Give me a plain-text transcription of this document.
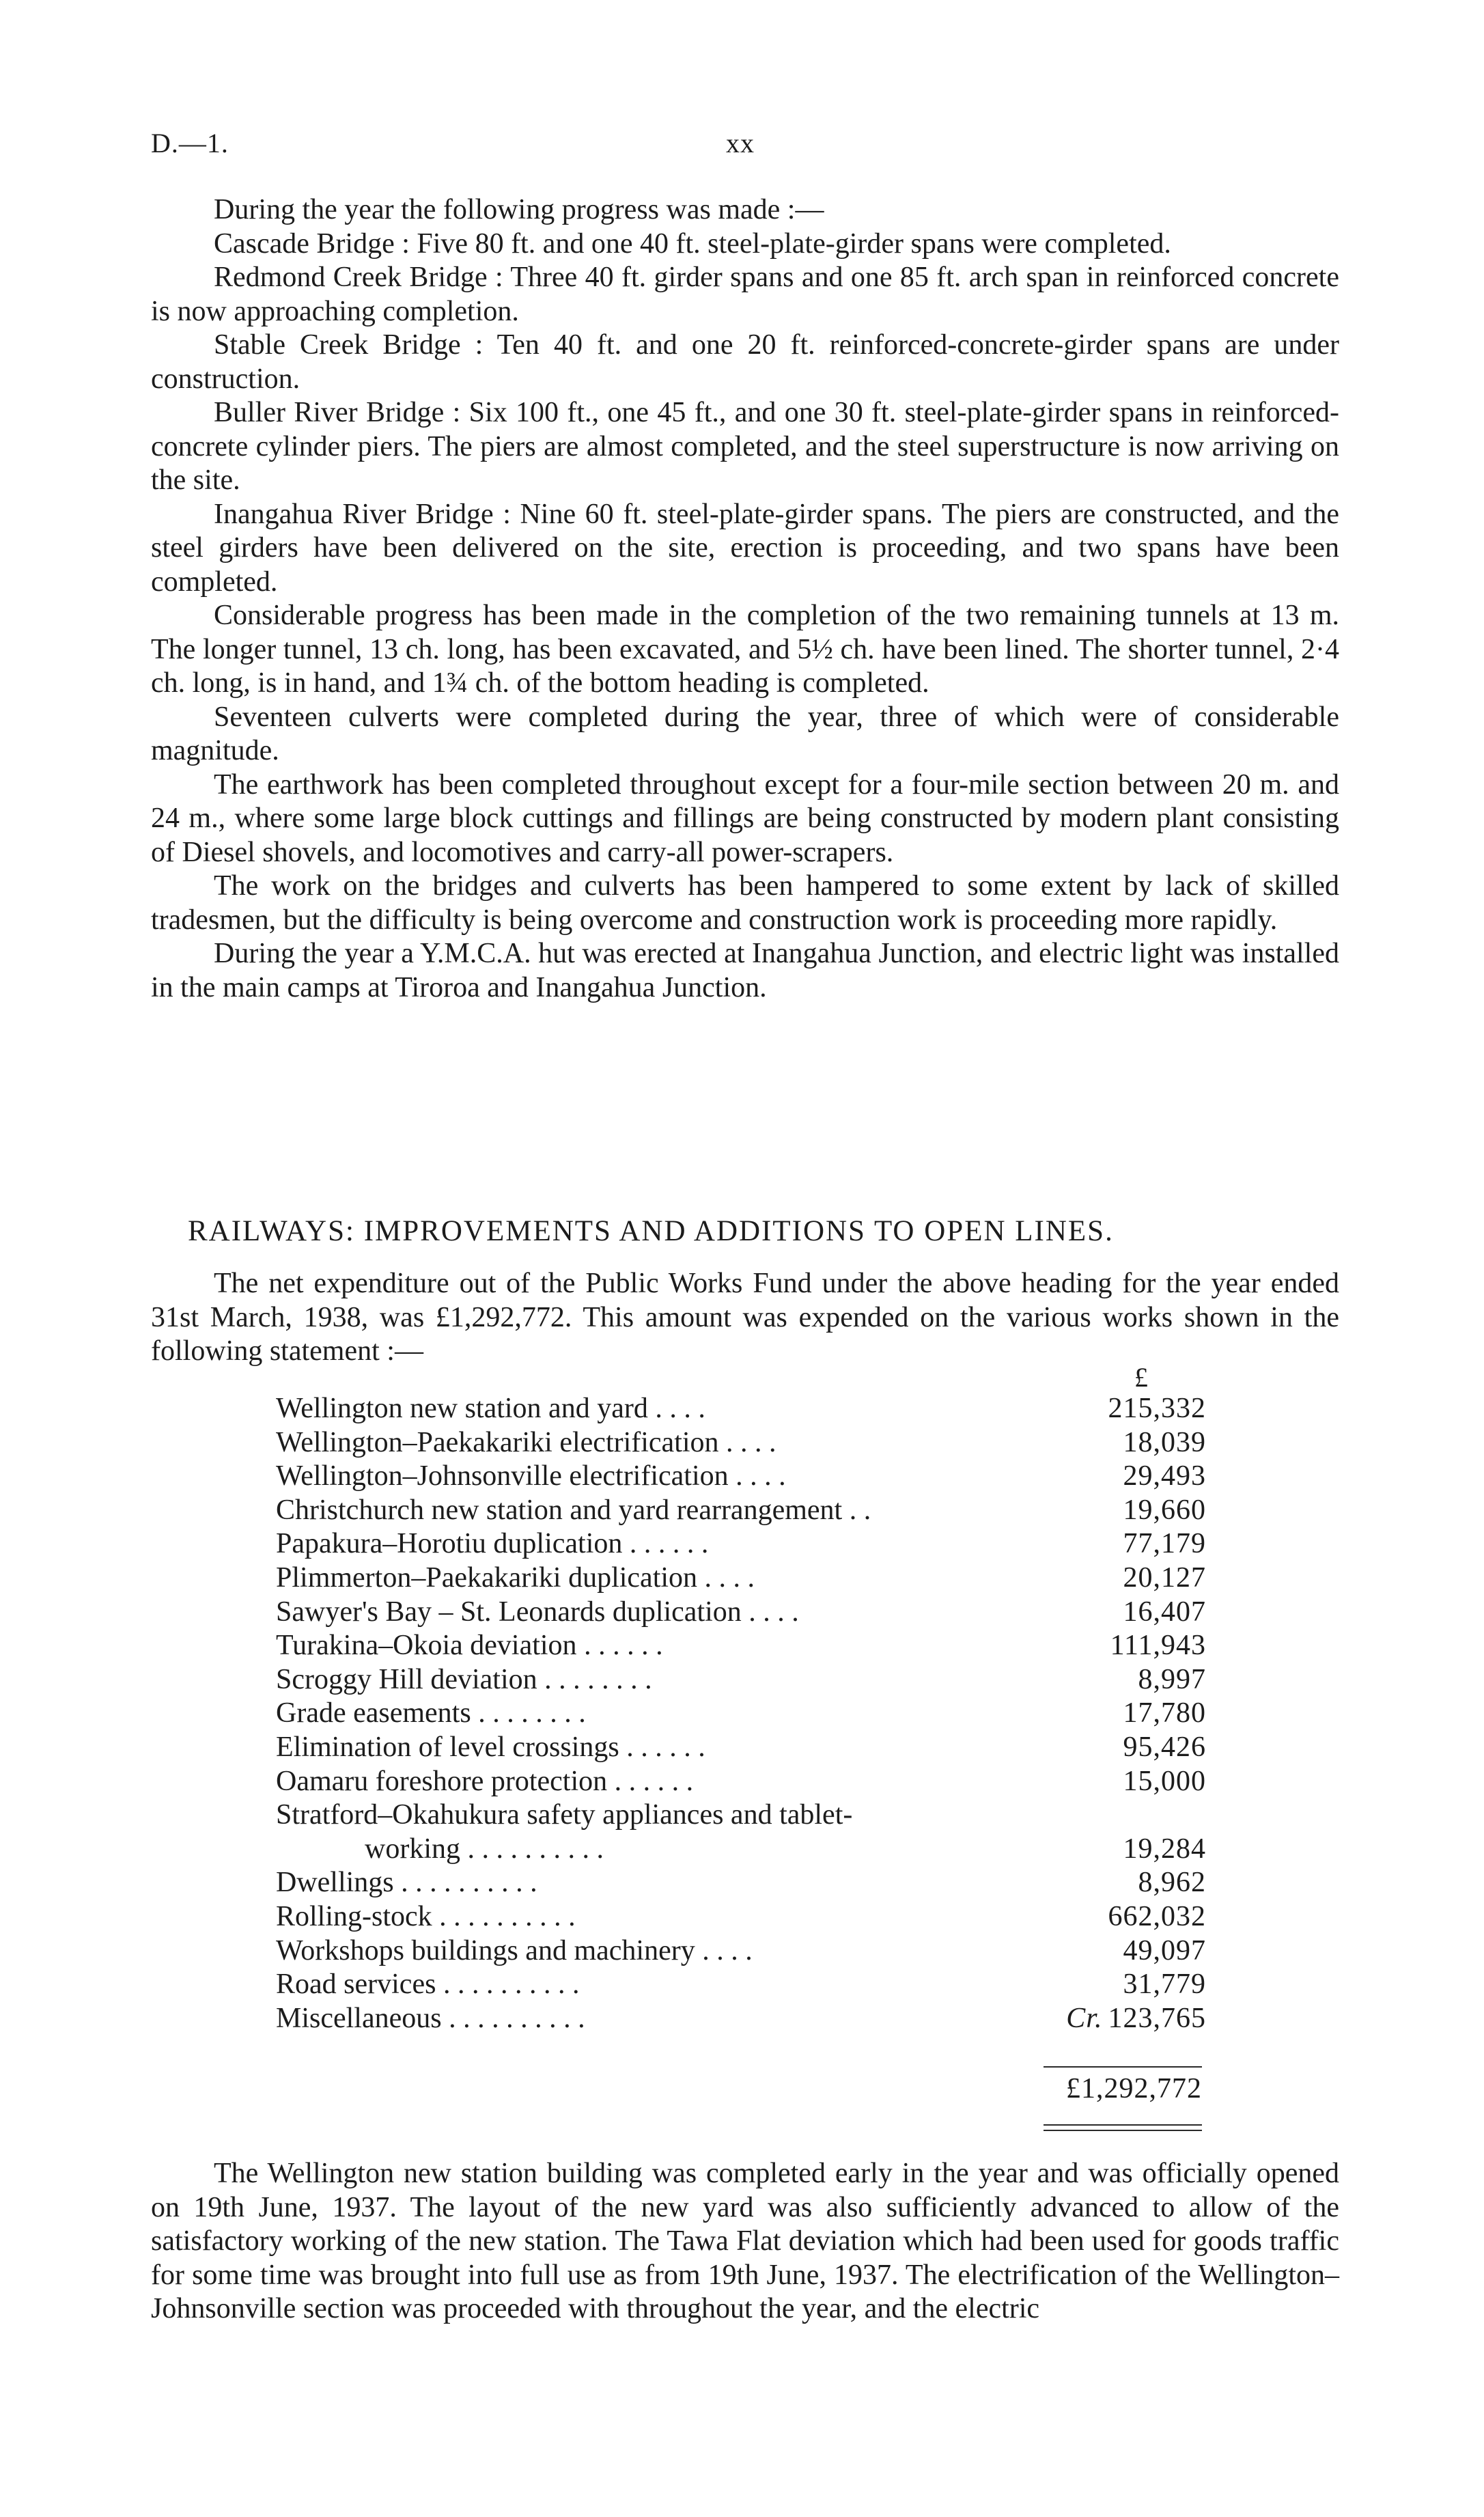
D.—1.	xx

During the year the following progress was made :—

Cascade Bridge : Five 80 ft. and one 40 ft. steel-plate-girder spans were completed.

Redmond Creek Bridge : Three 40 ft. girder spans and one 85 ft. arch span in reinforced concrete is now approaching completion.

Stable Creek Bridge : Ten 40 ft. and one 20 ft. reinforced-concrete-girder spans are under construction.

Buller River Bridge : Six 100 ft., one 45 ft., and one 30 ft. steel-plate-girder spans in reinforced-concrete cylinder piers. The piers are almost completed, and the steel superstructure is now arriving on the site.

Inangahua River Bridge : Nine 60 ft. steel-plate-girder spans. The piers are constructed, and the steel girders have been delivered on the site, erection is proceeding, and two spans have been completed.

Considerable progress has been made in the completion of the two remaining tunnels at 13 m. The longer tunnel, 13 ch. long, has been excavated, and 5½ ch. have been lined. The shorter tunnel, 2·4 ch. long, is in hand, and 1¾ ch. of the bottom heading is completed.

Seventeen culverts were completed during the year, three of which were of considerable magnitude.

The earthwork has been completed throughout except for a four-mile section between 20 m. and 24 m., where some large block cuttings and fillings are being constructed by modern plant consisting of Diesel shovels, and locomotives and carry-all power-scrapers.

The work on the bridges and culverts has been hampered to some extent by lack of skilled tradesmen, but the difficulty is being overcome and construction work is proceeding more rapidly.

During the year a Y.M.C.A. hut was erected at Inangahua Junction, and electric light was installed in the main camps at Tiroroa and Inangahua Junction.

RAILWAYS: IMPROVEMENTS AND ADDITIONS TO OPEN LINES.

The net expenditure out of the Public Works Fund under the above heading for the year ended 31st March, 1938, was £1,292,772. This amount was expended on the various works shown in the following statement :—

£
Wellington new station and yard . . . .	215,332
Wellington–Paekakariki electrification . . . .	18,039
Wellington–Johnsonville electrification . . . .	29,493
Christchurch new station and yard rearrangement . .	19,660
Papakura–Horotiu duplication . . . . . .	77,179
Plimmerton–Paekakariki duplication . . . .	20,127
Sawyer's Bay – St. Leonards duplication . . . .	16,407
Turakina–Okoia deviation . . . . . .	111,943
Scroggy Hill deviation . . . . . . . .	8,997
Grade easements . . . . . . . .	17,780
Elimination of level crossings . . . . . .	95,426
Oamaru foreshore protection . . . . . .	15,000
Stratford–Okahukura safety appliances and tablet-	
working . . . . . . . . . .	19,284
Dwellings . . . . . . . . . .	8,962
Rolling-stock . . . . . . . . . .	662,032
Workshops buildings and machinery . . . .	49,097
Road services . . . . . . . . . .	31,779
Miscellaneous . . . . . . . . . .	Cr. 123,765
£1,292,772

The Wellington new station building was completed early in the year and was officially opened on 19th June, 1937. The layout of the new yard was also sufficiently advanced to allow of the satisfactory working of the new station. The Tawa Flat deviation which had been used for goods traffic for some time was brought into full use as from 19th June, 1937. The electrification of the Wellington–Johnsonville section was proceeded with throughout the year, and the electric
